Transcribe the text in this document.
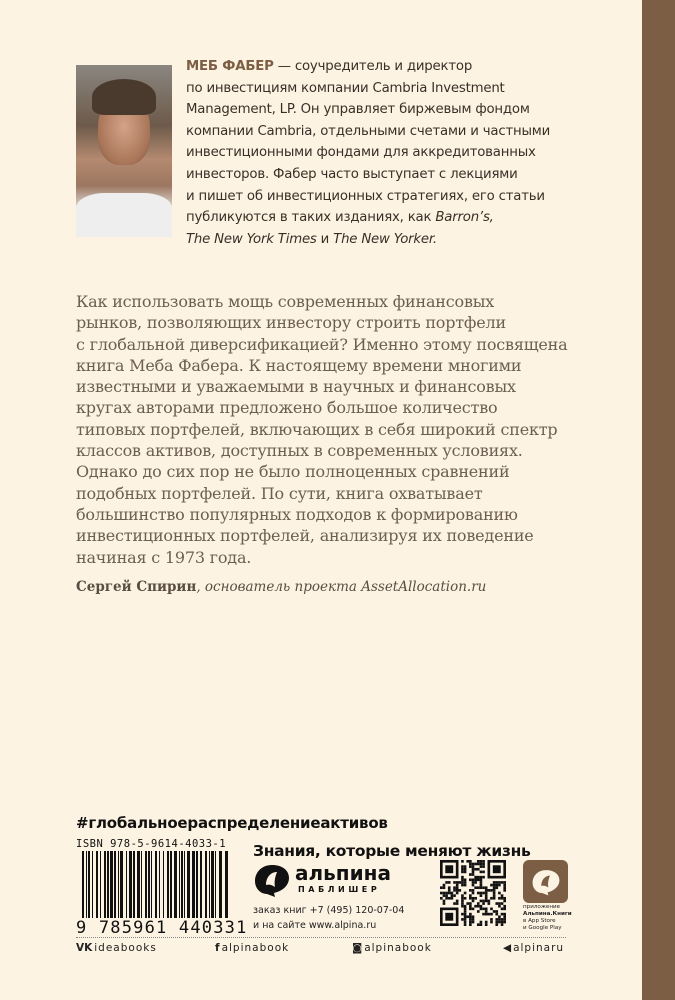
МЕБ ФАБЕР — соучредитель и директор
по инвестициям компании Cambria Investment
Management, LP. Он управляет биржевым фондом
компании Cambria, отдельными счетами и частными
инвестиционными фондами для аккредитованных
инвесторов. Фабер часто выступает с лекциями
и пишет об инвестиционных стратегиях, его статьи
публикуются в таких изданиях, как Barron’s,
The New York Times и The New Yorker.
Как использовать мощь современных финансовых
рынков, позволяющих инвестору строить портфели
с глобальной диверсификацией? Именно этому посвящена
книга Меба Фабера. К настоящему времени многими
известными и уважаемыми в научных и финансовых
кругах авторами предложено большое количество
типовых портфелей, включающих в себя широкий спектр
классов активов, доступных в современных условиях.
Однако до сих пор не было полноценных сравнений
подобных портфелей. По сути, книга охватывает
большинство популярных подходов к формированию
инвестиционных портфелей, анализируя их поведение
начиная с 1973 года.
Сергей Спирин, основатель проекта AssetAllocation.ru
#глобальноераспределениеактивов
ISBN 978-5-9614-4033-1
9 785961 440331
Знания, которые меняют жизнь
альпина
ПАБЛИШЕР
заказ книг +7 (495) 120-07-04
и на сайте www.alpina.ru
приложение
Альпина.Книги
в App Store
и Google Play
VK ideabooks	f alpinabook	◙ alpinabook	◀ alpinaru
